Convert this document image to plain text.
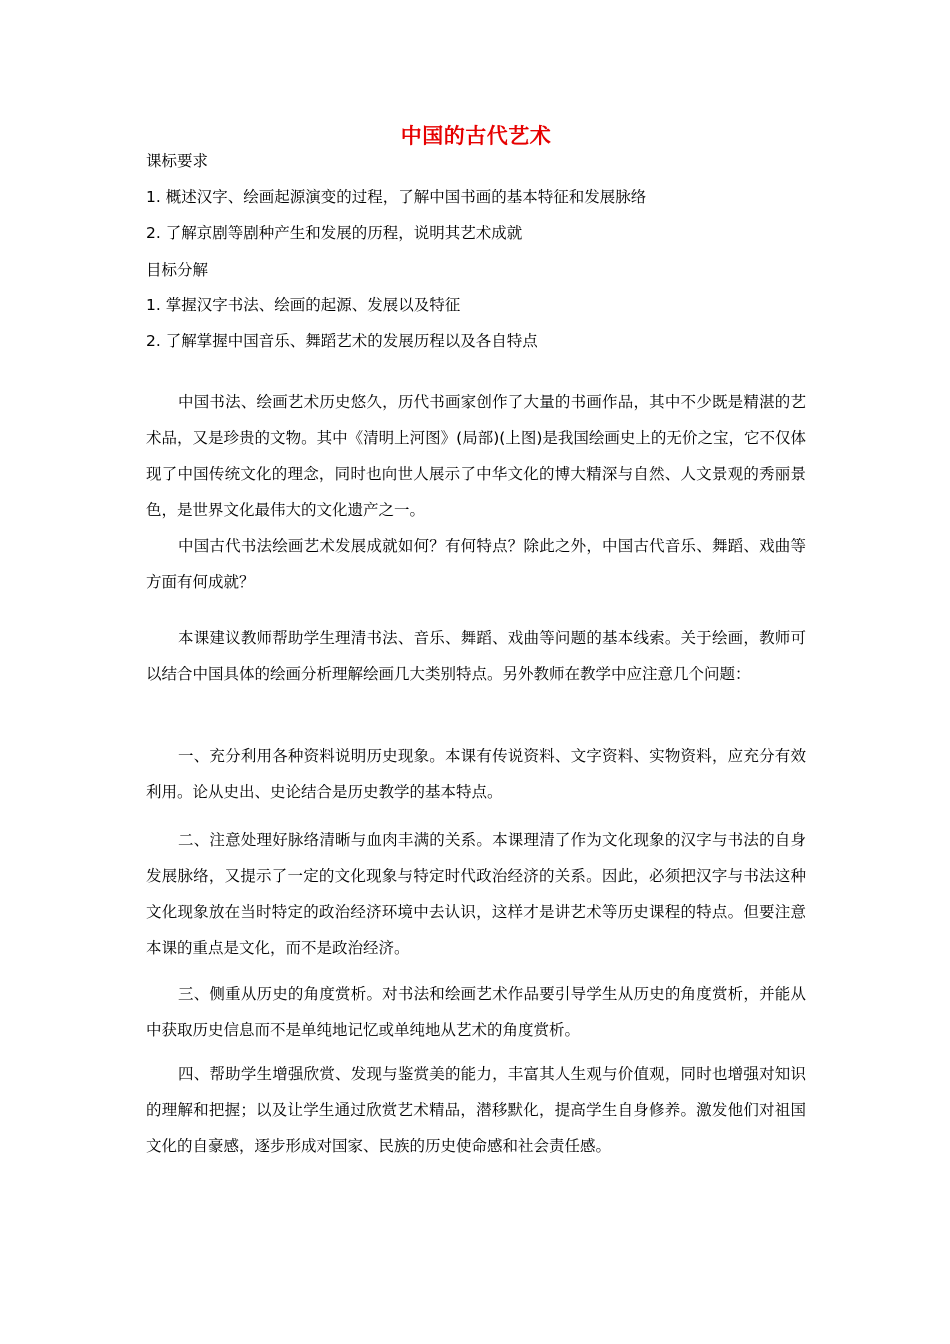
中国的古代艺术
课标要求
1. 概述汉字、绘画起源演变的过程，了解中国书画的基本特征和发展脉络
2. 了解京剧等剧种产生和发展的历程，说明其艺术成就
目标分解
1. 掌握汉字书法、绘画的起源、发展以及特征
2. 了解掌握中国音乐、舞蹈艺术的发展历程以及各自特点
中国书法、绘画艺术历史悠久，历代书画家创作了大量的书画作品，其中不少既是精湛的艺术品，又是珍贵的文物。其中《清明上河图》(局部)(上图)是我国绘画史上的无价之宝，它不仅体现了中国传统文化的理念，同时也向世人展示了中华文化的博大精深与自然、人文景观的秀丽景色，是世界文化最伟大的文化遗产之一。
中国古代书法绘画艺术发展成就如何？有何特点？除此之外，中国古代音乐、舞蹈、戏曲等方面有何成就？
本课建议教师帮助学生理清书法、音乐、舞蹈、戏曲等问题的基本线索。关于绘画，教师可以结合中国具体的绘画分析理解绘画几大类别特点。另外教师在教学中应注意几个问题：
一、充分利用各种资料说明历史现象。本课有传说资料、文字资料、实物资料，应充分有效利用。论从史出、史论结合是历史教学的基本特点。
二、注意处理好脉络清晰与血肉丰满的关系。本课理清了作为文化现象的汉字与书法的自身发展脉络，又提示了一定的文化现象与特定时代政治经济的关系。因此，必须把汉字与书法这种文化现象放在当时特定的政治经济环境中去认识，这样才是讲艺术等历史课程的特点。但要注意本课的重点是文化，而不是政治经济。
三、侧重从历史的角度赏析。对书法和绘画艺术作品要引导学生从历史的角度赏析，并能从中获取历史信息而不是单纯地记忆或单纯地从艺术的角度赏析。
四、帮助学生增强欣赏、发现与鉴赏美的能力，丰富其人生观与价值观，同时也增强对知识的理解和把握；以及让学生通过欣赏艺术精品，潜移默化，提高学生自身修养。激发他们对祖国文化的自豪感，逐步形成对国家、民族的历史使命感和社会责任感。
